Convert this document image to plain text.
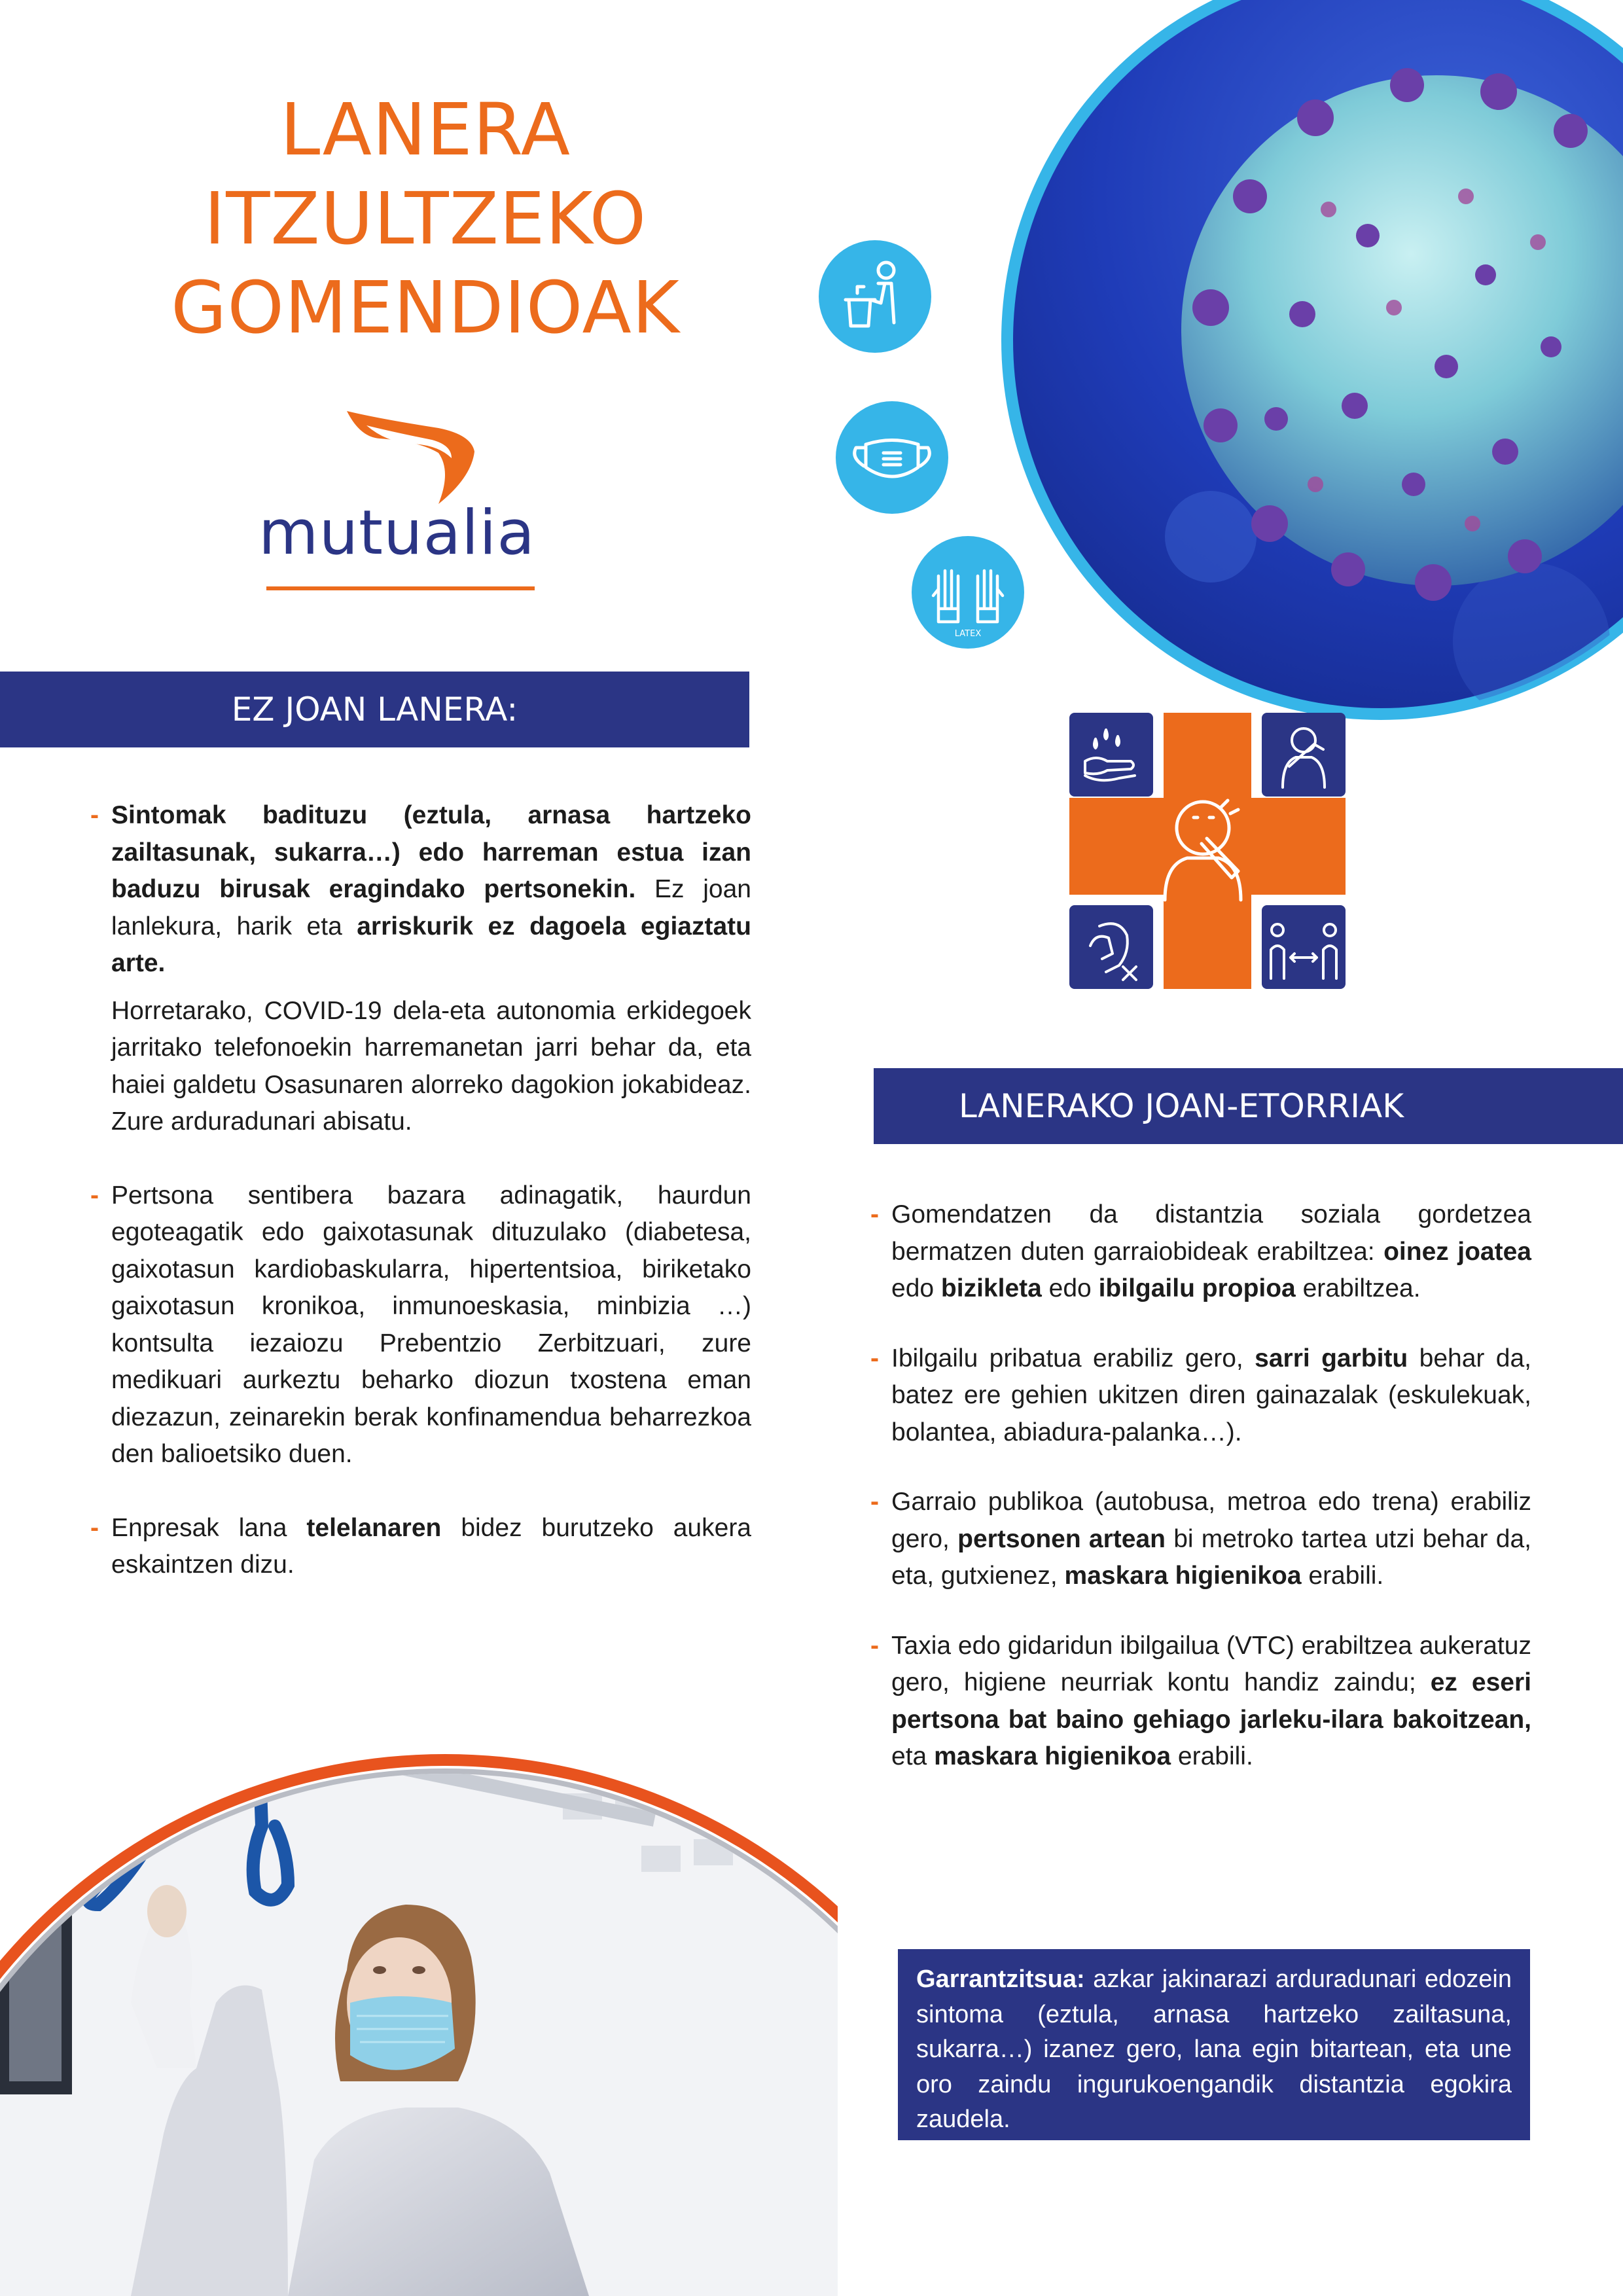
LATEX
LANERA
ITZULTZEKO
GOMENDIOAK
mutualia
EZ JOAN LANERA:
- Sintomak badituzu (eztula, arnasa hartzeko zailtasunak, sukarra…) edo harreman estua izan baduzu birusak eragindako pertsonekin. Ez joan lanlekura, harik eta arriskurik ez dagoela egiaztatu arte.

Horretarako, COVID-19 dela-eta autonomia erkidegoek jarritako telefonoekin harremanetan jarri behar da, eta haiei galdetu Osasunaren alorreko dagokion jokabideaz. Zure arduradunari abisatu.

- Pertsona sentibera bazara adinagatik, haurdun egoteagatik edo gaixotasunak dituzulako (diabetesa, gaixotasun kardiobaskularra, hipertentsioa, biriketako gaixotasun kronikoa, inmunoeskasia, minbizia …) kontsulta iezaiozu Prebentzio Zerbitzuari, zure medikuari aurkeztu beharko diozun txostena eman diezazun, zeinarekin berak konfinamendua beharrezkoa den balioetsiko duen.

- Enpresak lana telelanaren bidez burutzeko aukera eskaintzen dizu.

LANERAKO JOAN-ETORRIAK
- Gomendatzen da distantzia soziala gordetzea bermatzen duten garraiobideak erabiltzea: oinez joatea edo bizikleta edo ibilgailu propioa erabiltzea.

- Ibilgailu pribatua erabiliz gero, sarri garbitu behar da, batez ere gehien ukitzen diren gainazalak (eskulekuak, bolantea, abiadura-palanka…).

- Garraio publikoa (autobusa, metroa edo trena) erabiliz gero, pertsonen artean bi metroko tartea utzi behar da, eta, gutxienez, maskara higienikoa erabili.

- Taxia edo gidaridun ibilgailua (VTC) erabiltzea aukeratuz gero, higiene neurriak kontu handiz zaindu; ez eseri pertsona bat baino gehiago jarleku-ilara bakoitzean, eta maskara higienikoa erabili.

Garrantzitsua: azkar jakinarazi arduradunari edozein sintoma (eztula, arnasa hartzeko zailtasuna, sukarra…) izanez gero, lana egin bitartean, eta une oro zaindu ingurukoengandik distantzia egokira zaudela.
